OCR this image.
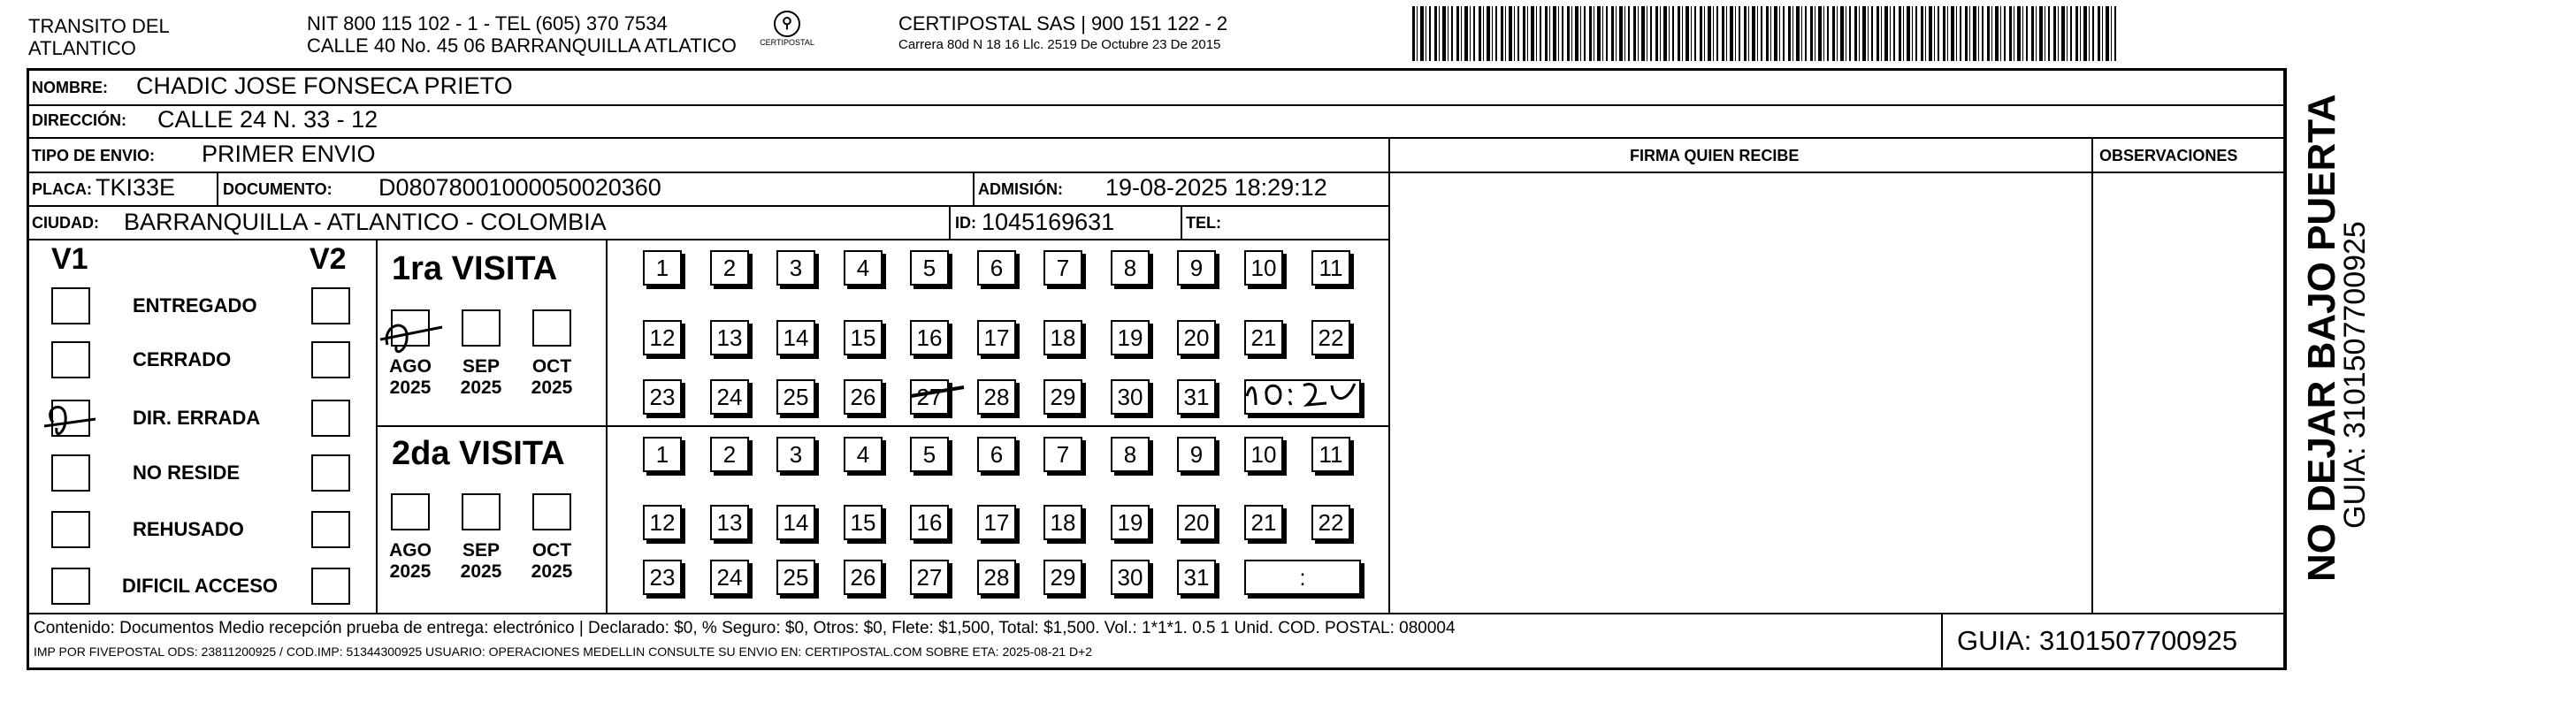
TRANSITO DEL
ATLANTICO
NIT 800 115 102 - 1 - TEL (605) 370 7534
CALLE 40 No. 45 06 BARRANQUILLA ATLATICO
⚲
CERTIPOSTAL
CERTIPOSTAL SAS | 900 151 122 - 2
Carrera 80d N 18 16 Llc. 2519 De Octubre 23 De 2015
NOMBRE: CHADIC JOSE FONSECA PRIETO
DIRECCIÓN: CALLE 24 N. 33 - 12
TIPO DE ENVIO: PRIMER ENVIO	FIRMA QUIEN RECIBE	OBSERVACIONES
PLACA: TKI33E	DOCUMENTO: D08078001000050020360	ADMISIÓN: 19-08-2025 18:29:12
CIUDAD: BARRANQUILLA - ATLANTICO - COLOMBIA	ID: 1045169631	TEL:
V1	V2
ENTREGADO
CERRADO
DIR. ERRADA
NO RESIDE
REHUSADO
DIFICIL ACCESO
1ra VISITA
2da VISITA
AGO
2025
SEP
2025
OCT
2025
AGO
2025
SEP
2025
OCT
2025
1	2	3	4	5	6	7	8	9	10	11
12 13 14 15 16 17 18 19 20 21 22
23 24 25 26 27 28 29 30 31
1	2	3	4	5	6	7	8	9	10	11
12 13 14 15 16 17 18 19 20 21 22
23 24 25 26 27 28 29 30 31	:
Contenido: Documentos Medio recepción prueba de entrega: electrónico | Declarado: $0, % Seguro: $0, Otros: $0, Flete: $1,500, Total: $1,500. Vol.: 1*1*1. 0.5 1 Unid. COD. POSTAL: 080004
IMP POR FIVEPOSTAL ODS: 23811200925 / COD.IMP: 51344300925 USUARIO: OPERACIONES MEDELLIN CONSULTE SU ENVIO EN: CERTIPOSTAL.COM SOBRE ETA: 2025-08-21 D+2	GUIA: 3101507700925
NO DEJAR BAJO PUERTA
GUIA: 3101507700925
